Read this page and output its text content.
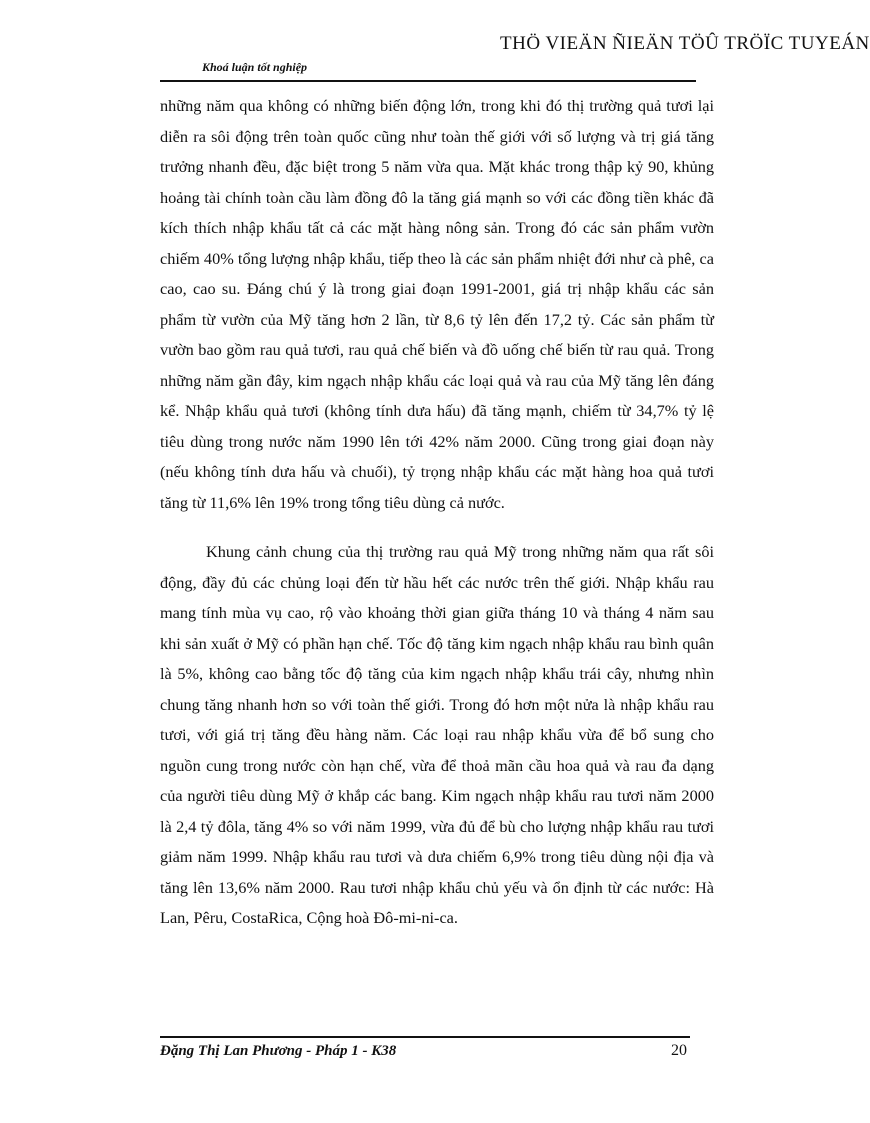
THÖ VIEÄN ÑIEÄN TÖÛ TRÖÏC TUYEÁN
Khoá luận tốt nghiệp

những năm qua không có những biến động lớn, trong khi đó thị trường quả tươi lại diễn ra sôi động trên toàn quốc cũng như toàn thế giới với số lượng và trị giá tăng trưởng nhanh đều, đặc biệt trong 5 năm vừa qua. Mặt khác trong thập kỷ 90, khủng hoảng tài chính toàn cầu làm đồng đô la tăng giá mạnh so với các đồng tiền khác đã kích thích nhập khẩu tất cả các mặt hàng nông sản. Trong đó các sản phẩm vườn chiếm 40% tổng lượng nhập khẩu, tiếp theo là các sản phẩm nhiệt đới như cà phê, ca cao, cao su. Đáng chú ý là trong giai đoạn 1991-2001, giá trị nhập khẩu các sản phẩm từ vườn của Mỹ tăng hơn 2 lần, từ 8,6 tỷ lên đến 17,2 tỷ. Các sản phẩm từ vườn bao gồm rau quả tươi, rau quả chế biến và đồ uống chế biến từ rau quả. Trong những năm gần đây, kim ngạch nhập khẩu các loại quả và rau của Mỹ tăng lên đáng kể. Nhập khẩu quả tươi (không tính dưa hấu) đã tăng mạnh, chiếm từ 34,7% tỷ lệ tiêu dùng trong nước năm 1990 lên tới 42% năm 2000. Cũng trong giai đoạn này (nếu không tính dưa hấu và chuối), tỷ trọng nhập khẩu các mặt hàng hoa quả tươi tăng từ 11,6% lên 19% trong tổng tiêu dùng cả nước.

Khung cảnh chung của thị trường rau quả Mỹ trong những năm qua rất sôi động, đầy đủ các chủng loại đến từ hầu hết các nước trên thế giới. Nhập khẩu rau mang tính mùa vụ cao, rộ vào khoảng thời gian giữa tháng 10 và tháng 4 năm sau khi sản xuất ở Mỹ có phần hạn chế. Tốc độ tăng kim ngạch nhập khẩu rau bình quân là 5%, không cao bằng tốc độ tăng của kim ngạch nhập khẩu trái cây, nhưng nhìn chung tăng nhanh hơn so với toàn thế giới. Trong đó hơn một nửa là nhập khẩu rau tươi, với giá trị tăng đều hàng năm. Các loại rau nhập khẩu vừa để bổ sung cho nguồn cung trong nước còn hạn chế, vừa để thoả mãn cầu hoa quả và rau đa dạng của người tiêu dùng Mỹ ở khắp các bang. Kim ngạch nhập khẩu rau tươi năm 2000 là 2,4 tỷ đôla, tăng 4% so với năm 1999, vừa đủ để bù cho lượng nhập khẩu rau tươi giảm năm 1999. Nhập khẩu rau tươi và dưa chiếm 6,9% trong tiêu dùng nội địa và tăng lên 13,6% năm 2000. Rau tươi nhập khẩu chủ yếu và ổn định từ các nước: Hà Lan, Pêru, CostaRica, Cộng hoà Đô-mi-ni-ca.

Đặng Thị Lan Phương - Pháp 1 - K38	20
